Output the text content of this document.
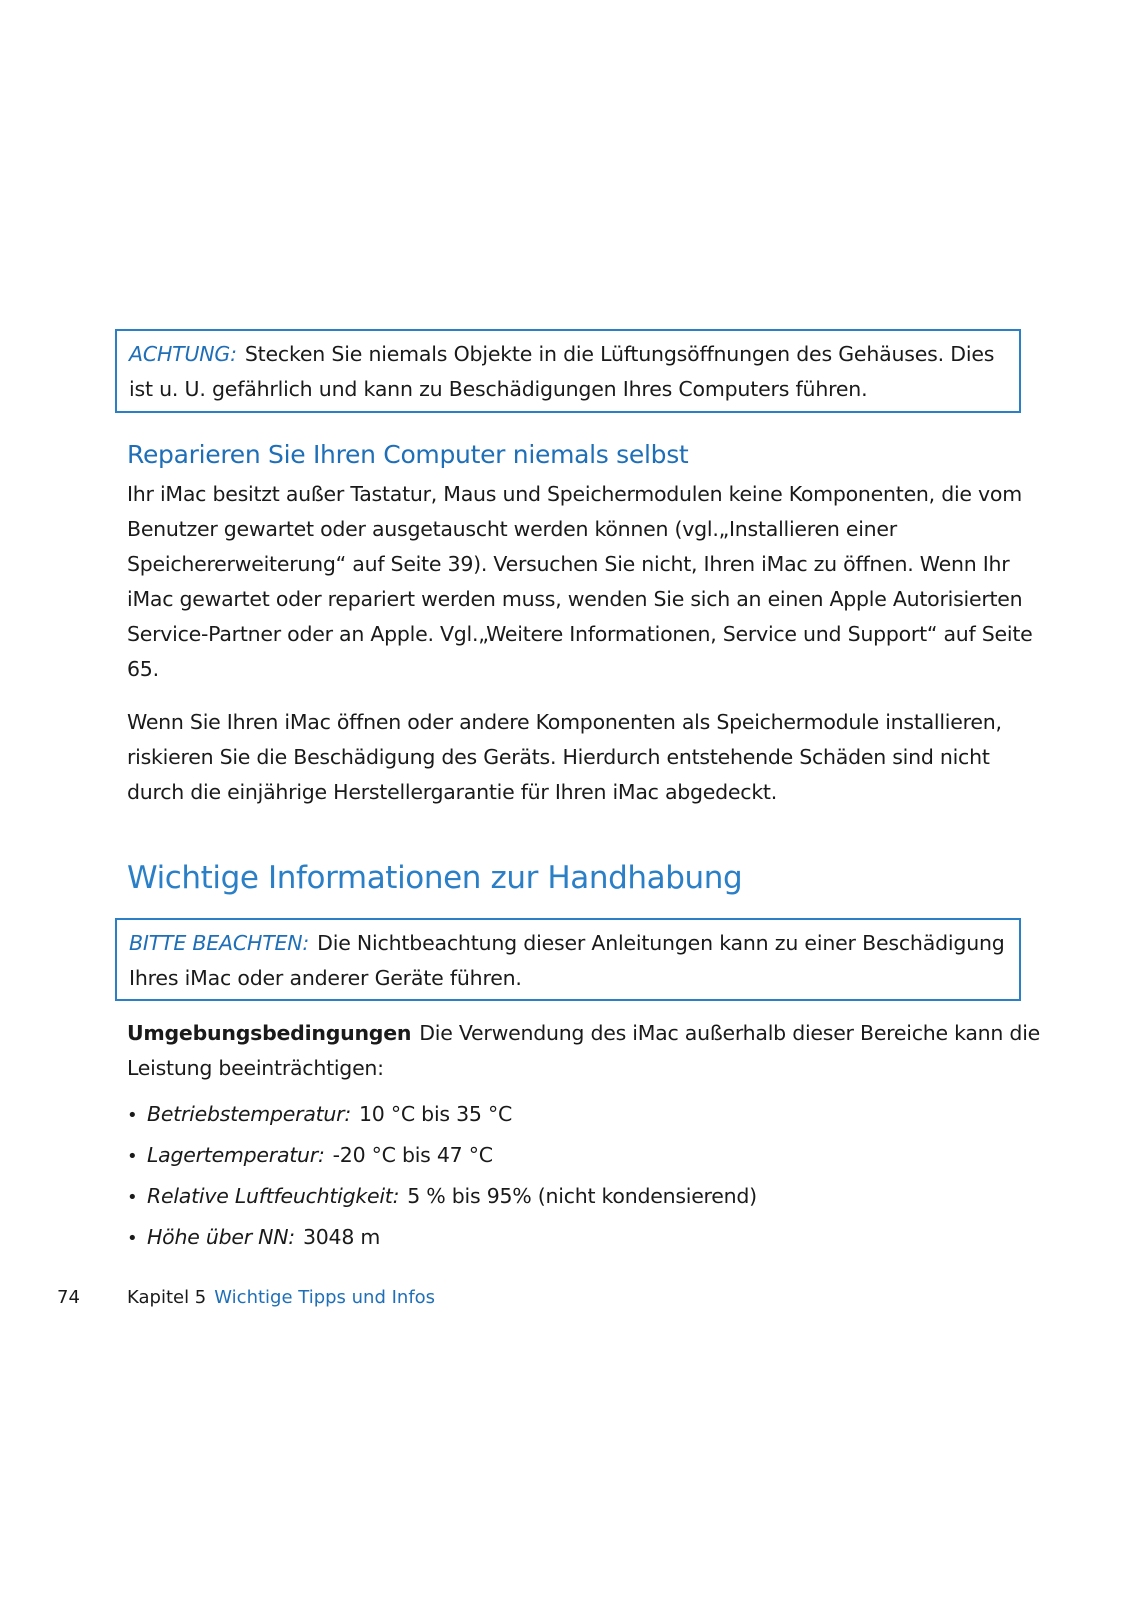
ACHTUNG: Stecken Sie niemals Objekte in die Lüftungsöffnungen des Gehäuses. Dies ist u. U. gefährlich und kann zu Beschädigungen Ihres Computers führen.
Reparieren Sie Ihren Computer niemals selbst

Ihr iMac besitzt außer Tastatur, Maus und Speichermodulen keine Komponenten, die vom Benutzer gewartet oder ausgetauscht werden können (vgl.„Installieren einer Speichererweiterung“ auf Seite 39). Versuchen Sie nicht, Ihren iMac zu öffnen. Wenn Ihr iMac gewartet oder repariert werden muss, wenden Sie sich an einen Apple Autorisierten Service-Partner oder an Apple. Vgl.„Weitere Informationen, Service und Support“ auf Seite 65.

Wenn Sie Ihren iMac öffnen oder andere Komponenten als Speichermodule installieren, riskieren Sie die Beschädigung des Geräts. Hierdurch entstehende Schäden sind nicht durch die einjährige Herstellergarantie für Ihren iMac abgedeckt.

Wichtige Informationen zur Handhabung
BITTE BEACHTEN: Die Nichtbeachtung dieser Anleitungen kann zu einer Beschädigung Ihres iMac oder anderer Geräte führen.

Umgebungsbedingungen Die Verwendung des iMac außerhalb dieser Bereiche kann die Leistung beeinträchtigen:

• Betriebstemperatur: 10 °C bis 35 °C
• Lagertemperatur: -20 °C bis 47 °C
• Relative Luftfeuchtigkeit: 5 % bis 95% (nicht kondensierend)
• Höhe über NN: 3048 m
74	Kapitel 5 Wichtige Tipps und Infos
